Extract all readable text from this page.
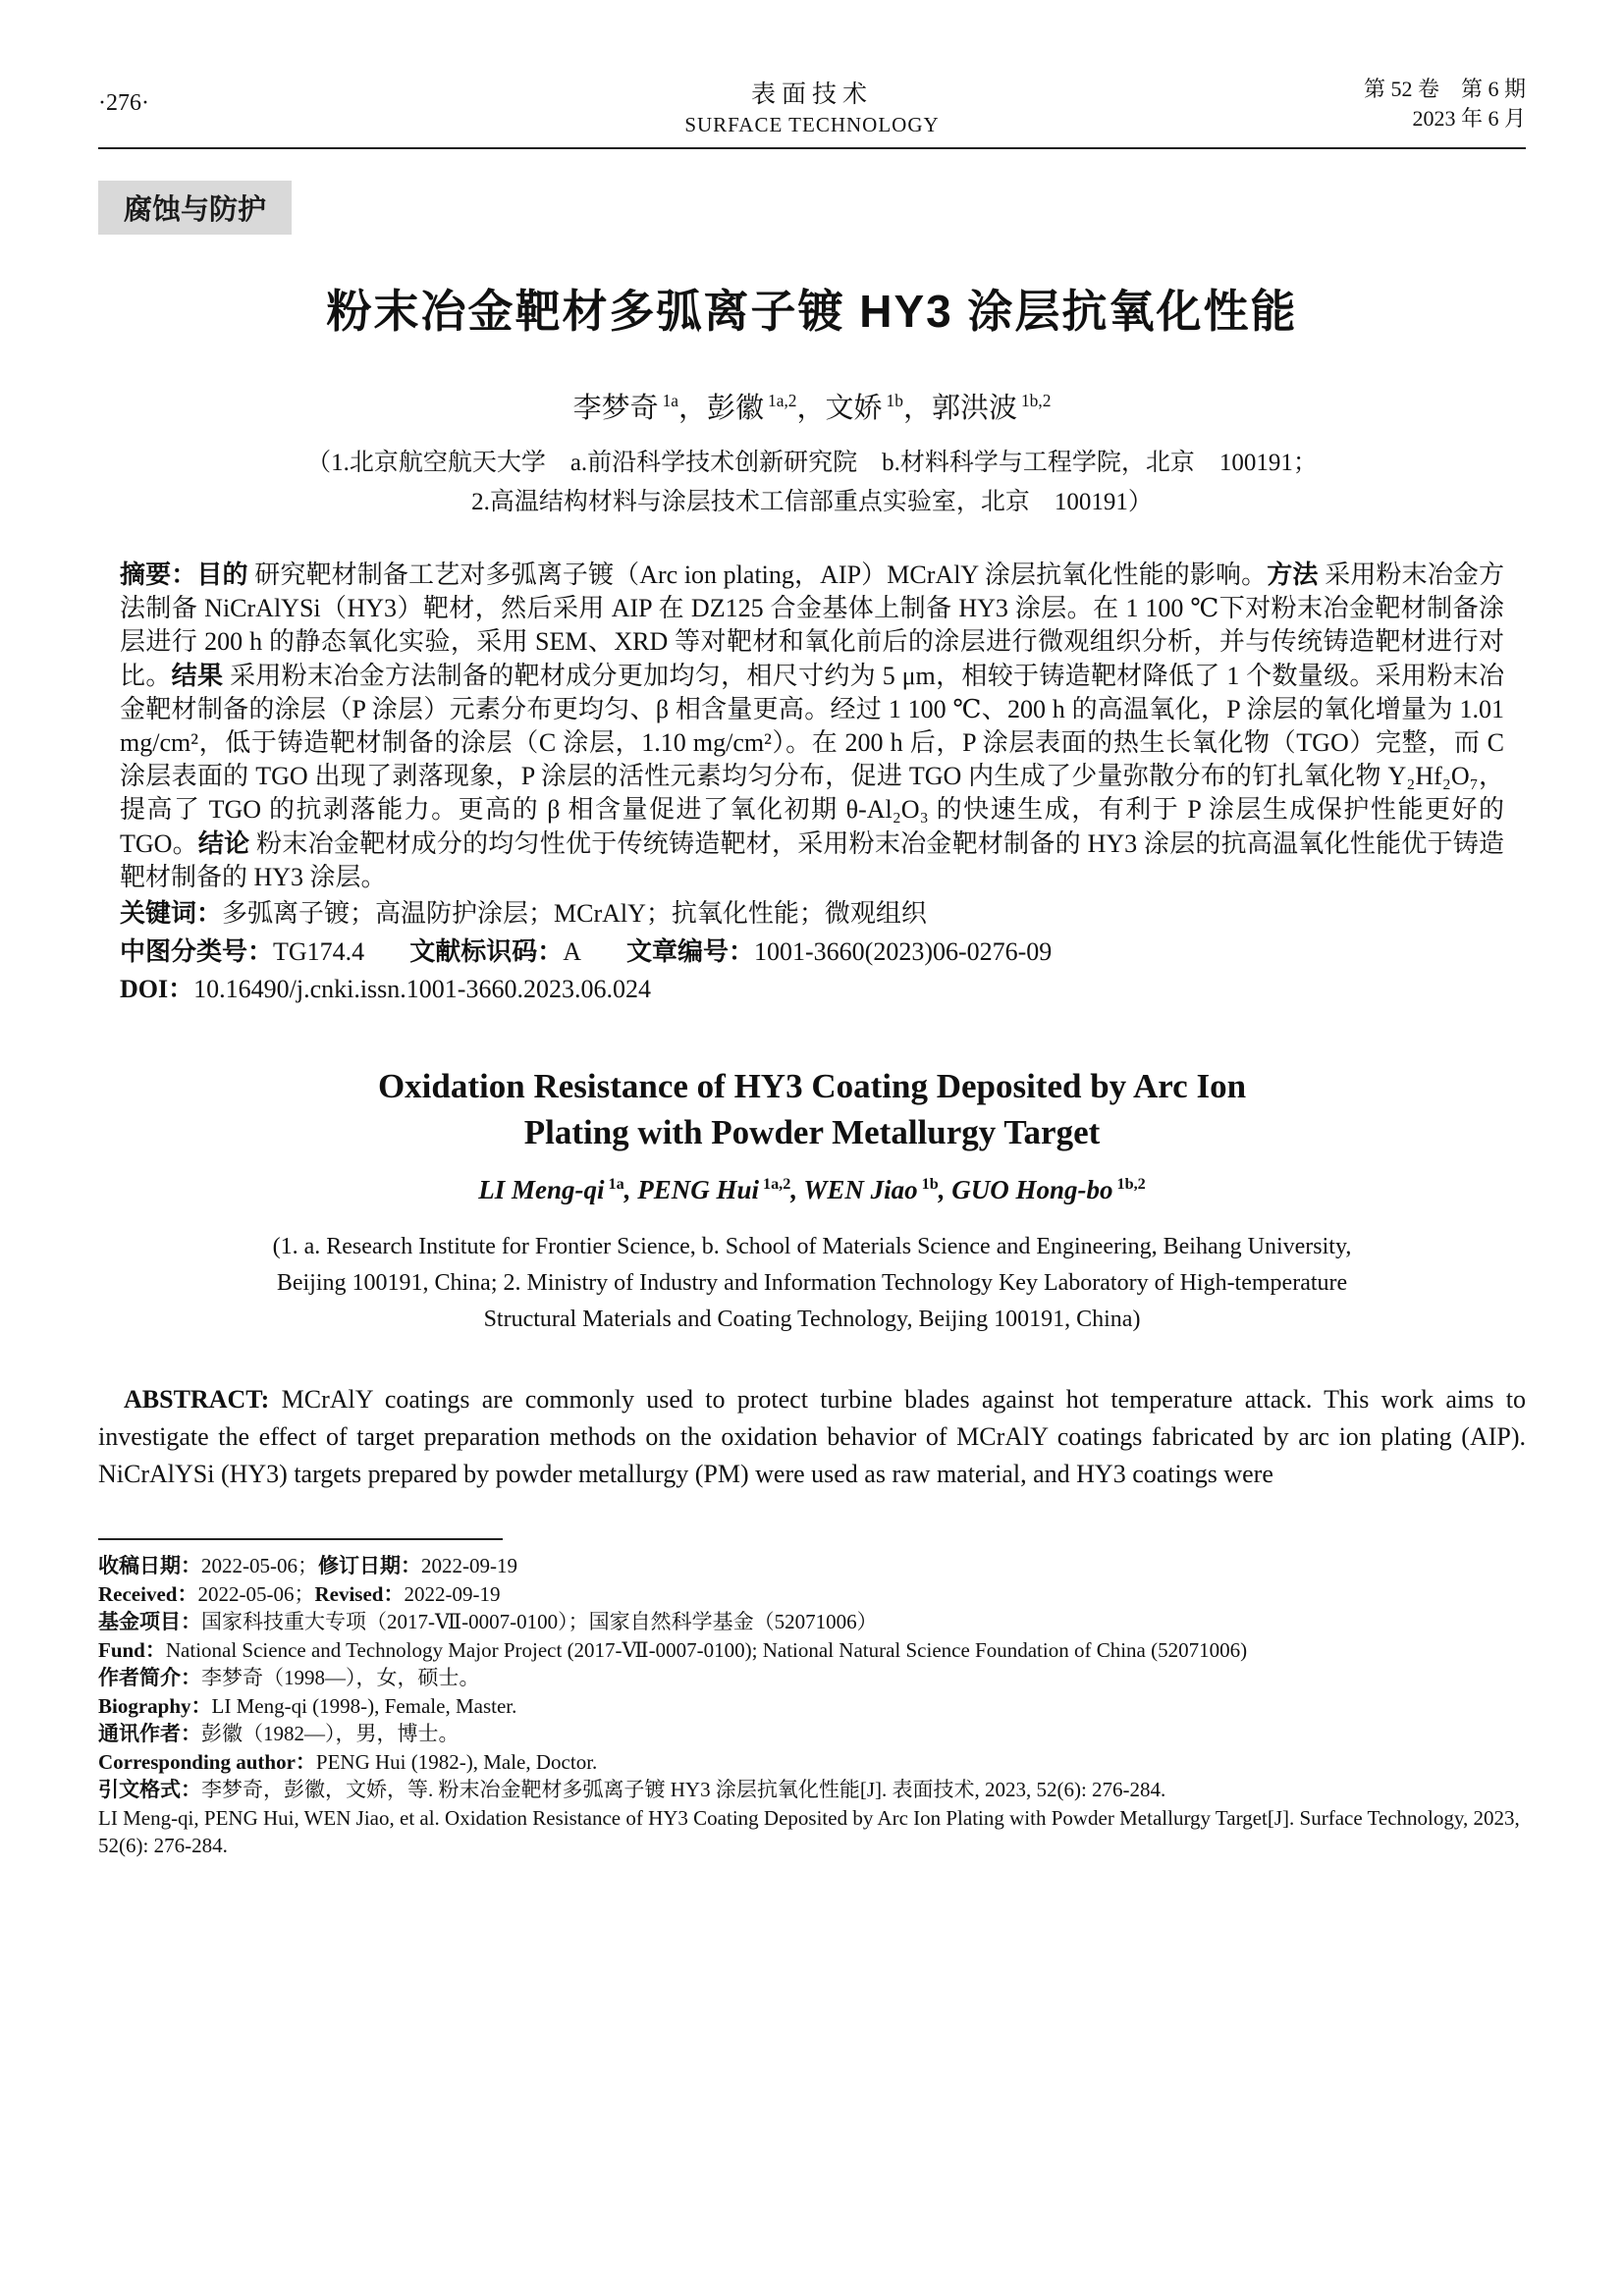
·276·	表面技术
SURFACE TECHNOLOGY
第 52 卷　第 6 期
2023 年 6 月
腐蚀与防护
粉末冶金靶材多弧离子镀 HY3 涂层抗氧化性能
李梦奇 $^{1a}$，彭徽 $^{1a,2}$，文娇 $^{1b}$，郭洪波 $^{1b,2}$
（1.北京航空航天大学　a.前沿科学技术创新研究院　b.材料科学与工程学院，北京　100191；
2.高温结构材料与涂层技术工信部重点实验室，北京　100191）

摘要：目的 研究靶材制备工艺对多弧离子镀（Arc ion plating，AIP）MCrAlY 涂层抗氧化性能的影响。方法 采用粉末冶金方法制备 NiCrAlYSi（HY3）靶材，然后采用 AIP 在 DZ125 合金基体上制备 HY3 涂层。在 1 100 ℃下对粉末冶金靶材制备涂层进行 200 h 的静态氧化实验，采用 SEM、XRD 等对靶材和氧化前后的涂层进行微观组织分析，并与传统铸造靶材进行对比。结果 采用粉末冶金方法制备的靶材成分更加均匀，相尺寸约为 5 μm，相较于铸造靶材降低了 1 个数量级。采用粉末冶金靶材制备的涂层（P 涂层）元素分布更均匀、β 相含量更高。经过 1 100 ℃、200 h 的高温氧化，P 涂层的氧化增量为 1.01 mg/cm²，低于铸造靶材制备的涂层（C 涂层，1.10 mg/cm²）。在 200 h 后，P 涂层表面的热生长氧化物（TGO）完整，而 C 涂层表面的 TGO 出现了剥落现象，P 涂层的活性元素均匀分布，促进 TGO 内生成了少量弥散分布的钉扎氧化物 Y₂Hf₂O₇，提高了 TGO 的抗剥落能力。更高的 β 相含量促进了氧化初期 θ-Al₂O₃ 的快速生成，有利于 P 涂层生成保护性能更好的 TGO。结论 粉末冶金靶材成分的均匀性优于传统铸造靶材，采用粉末冶金靶材制备的 HY3 涂层的抗高温氧化性能优于铸造靶材制备的 HY3 涂层。

关键词：多弧离子镀；高温防护涂层；MCrAlY；抗氧化性能；微观组织

中图分类号：TG174.4 文献标识码：A 文章编号：1001-3660(2023)06-0276-09

DOI：10.16490/j.cnki.issn.1001-3660.2023.06.024

Oxidation Resistance of HY3 Coating Deposited by Arc Ion
Plating with Powder Metallurgy Target
LI Meng-qi $^{1a}$, PENG Hui $^{1a,2}$, WEN Jiao $^{1b}$, GUO Hong-bo $^{1b,2}$
(1. a. Research Institute for Frontier Science, b. School of Materials Science and Engineering, Beihang University,
Beijing 100191, China; 2. Ministry of Industry and Information Technology Key Laboratory of High-temperature
Structural Materials and Coating Technology, Beijing 100191, China)

ABSTRACT: MCrAlY coatings are commonly used to protect turbine blades against hot temperature attack. This work aims to investigate the effect of target preparation methods on the oxidation behavior of MCrAlY coatings fabricated by arc ion plating (AIP). NiCrAlYSi (HY3) targets prepared by powder metallurgy (PM) were used as raw material, and HY3 coatings were

收稿日期：2022-05-06；修订日期：2022-09-19

Received：2022-05-06；Revised：2022-09-19

基金项目：国家科技重大专项（2017-Ⅶ-0007-0100）；国家自然科学基金（52071006）

Fund：National Science and Technology Major Project (2017-Ⅶ-0007-0100); National Natural Science Foundation of China (52071006)

作者简介：李梦奇（1998—），女，硕士。

Biography：LI Meng-qi (1998-), Female, Master.

通讯作者：彭徽（1982—），男，博士。

Corresponding author：PENG Hui (1982-), Male, Doctor.

引文格式：李梦奇，彭徽，文娇，等. 粉末冶金靶材多弧离子镀 HY3 涂层抗氧化性能[J]. 表面技术, 2023, 52(6): 276-284.

LI Meng-qi, PENG Hui, WEN Jiao, et al. Oxidation Resistance of HY3 Coating Deposited by Arc Ion Plating with Powder Metallurgy Target[J]. Surface Technology, 2023, 52(6): 276-284.
